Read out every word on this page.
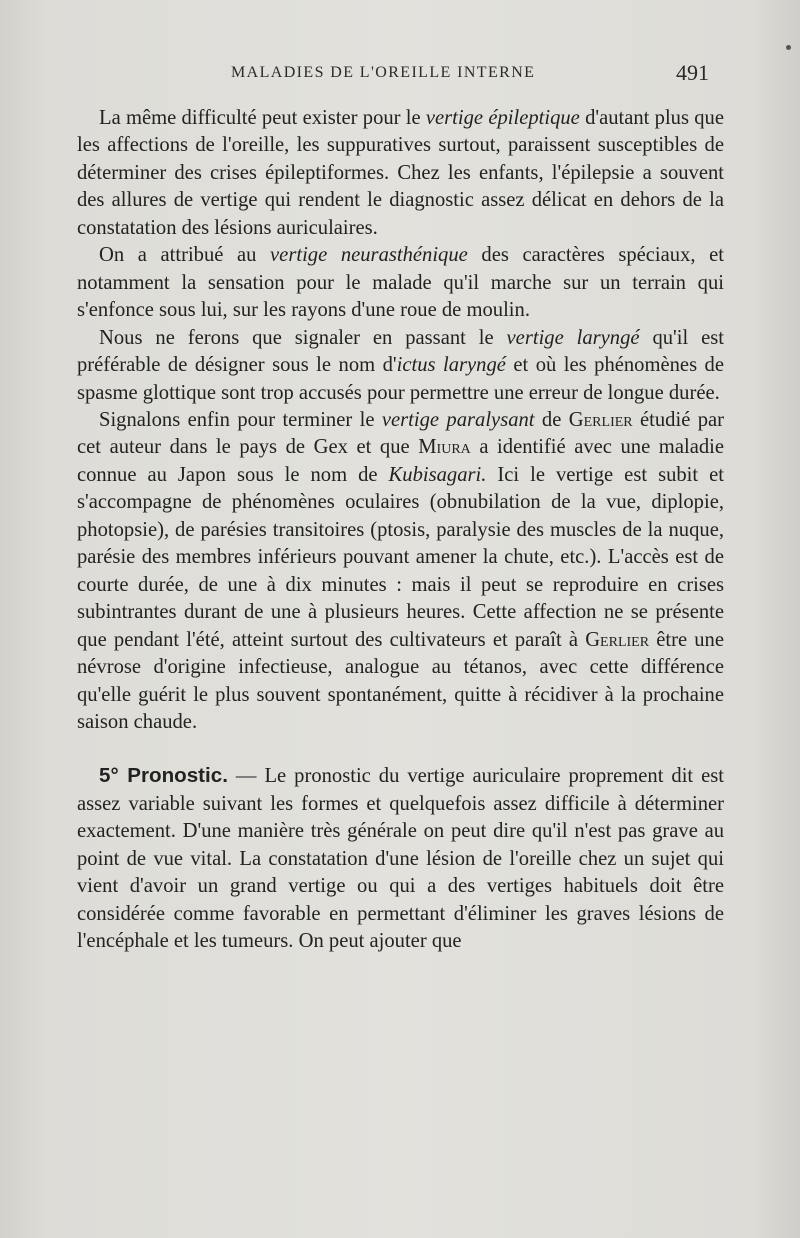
MALADIES DE L'OREILLE INTERNE	491

La même difficulté peut exister pour le vertige épileptique d'autant plus que les affections de l'oreille, les suppuratives surtout, paraissent susceptibles de déterminer des crises épileptiformes. Chez les enfants, l'épilepsie a souvent des allures de vertige qui rendent le diagnostic assez délicat en dehors de la constatation des lésions auriculaires.

On a attribué au vertige neurasthénique des caractères spéciaux, et notamment la sensation pour le malade qu'il marche sur un terrain qui s'enfonce sous lui, sur les rayons d'une roue de moulin.

Nous ne ferons que signaler en passant le vertige laryngé qu'il est préférable de désigner sous le nom d'ictus laryngé et où les phénomènes de spasme glottique sont trop accusés pour permettre une erreur de longue durée.

Signalons enfin pour terminer le vertige paralysant de Gerlier étudié par cet auteur dans le pays de Gex et que Miura a identifié avec une maladie connue au Japon sous le nom de Kubisagari. Ici le vertige est subit et s'accompagne de phénomènes oculaires (obnubilation de la vue, diplopie, photopsie), de parésies transitoires (ptosis, paralysie des muscles de la nuque, parésie des membres inférieurs pouvant amener la chute, etc.). L'accès est de courte durée, de une à dix minutes : mais il peut se reproduire en crises subintrantes durant de une à plusieurs heures. Cette affection ne se présente que pendant l'été, atteint surtout des cultivateurs et paraît à Gerlier être une névrose d'origine infectieuse, analogue au tétanos, avec cette différence qu'elle guérit le plus souvent spontanément, quitte à récidiver à la prochaine saison chaude.

5° Pronostic. — Le pronostic du vertige auriculaire proprement dit est assez variable suivant les formes et quelquefois assez difficile à déterminer exactement. D'une manière très générale on peut dire qu'il n'est pas grave au point de vue vital. La constatation d'une lésion de l'oreille chez un sujet qui vient d'avoir un grand vertige ou qui a des vertiges habituels doit être considérée comme favorable en permettant d'éliminer les graves lésions de l'encéphale et les tumeurs. On peut ajouter que
